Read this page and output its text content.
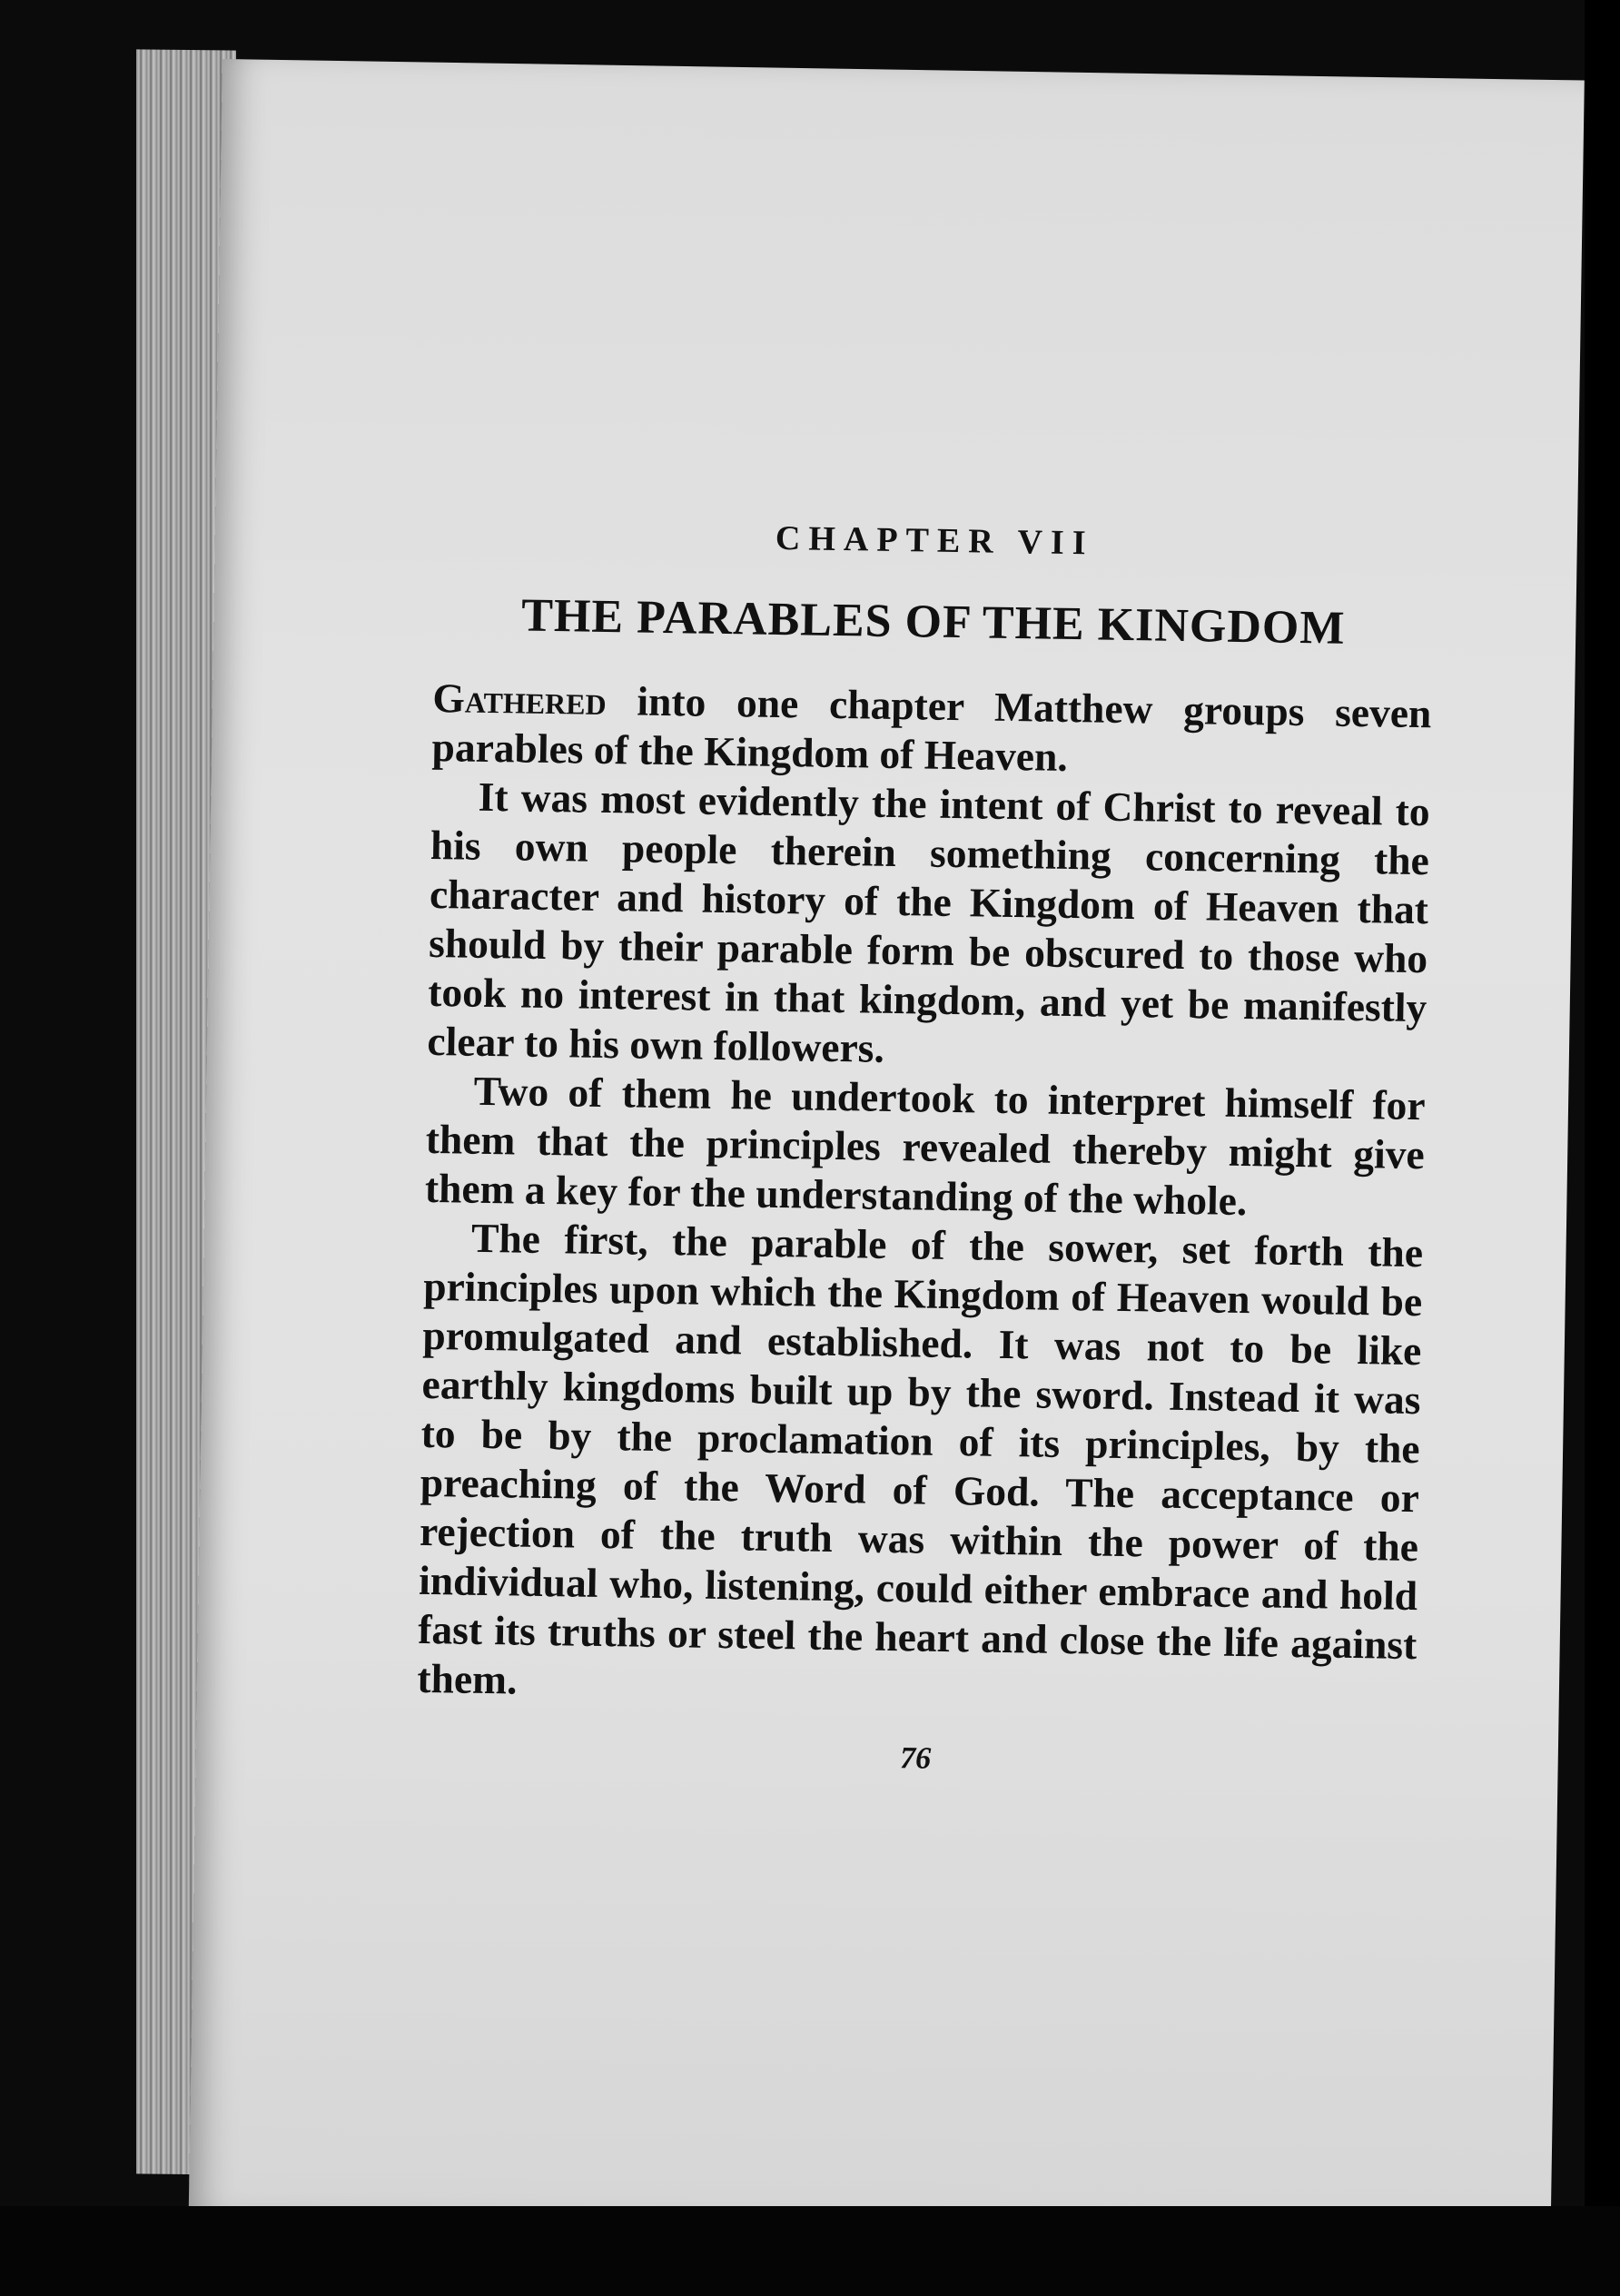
CHAPTER VII
THE PARABLES OF THE KINGDOM

Gathered into one chapter Matthew groups seven parables of the Kingdom of Heaven.

It was most evidently the intent of Christ to reveal to his own people therein something concerning the character and history of the Kingdom of Heaven that should by their parable form be obscured to those who took no interest in that kingdom, and yet be manifestly clear to his own followers.

Two of them he undertook to interpret himself for them that the principles revealed thereby might give them a key for the understanding of the whole.

The first, the parable of the sower, set forth the principles upon which the Kingdom of Heaven would be promulgated and established. It was not to be like earthly kingdoms built up by the sword. Instead it was to be by the proclamation of its principles, by the preaching of the Word of God. The acceptance or rejection of the truth was within the power of the individual who, listening, could either embrace and hold fast its truths or steel the heart and close the life against them.

76
